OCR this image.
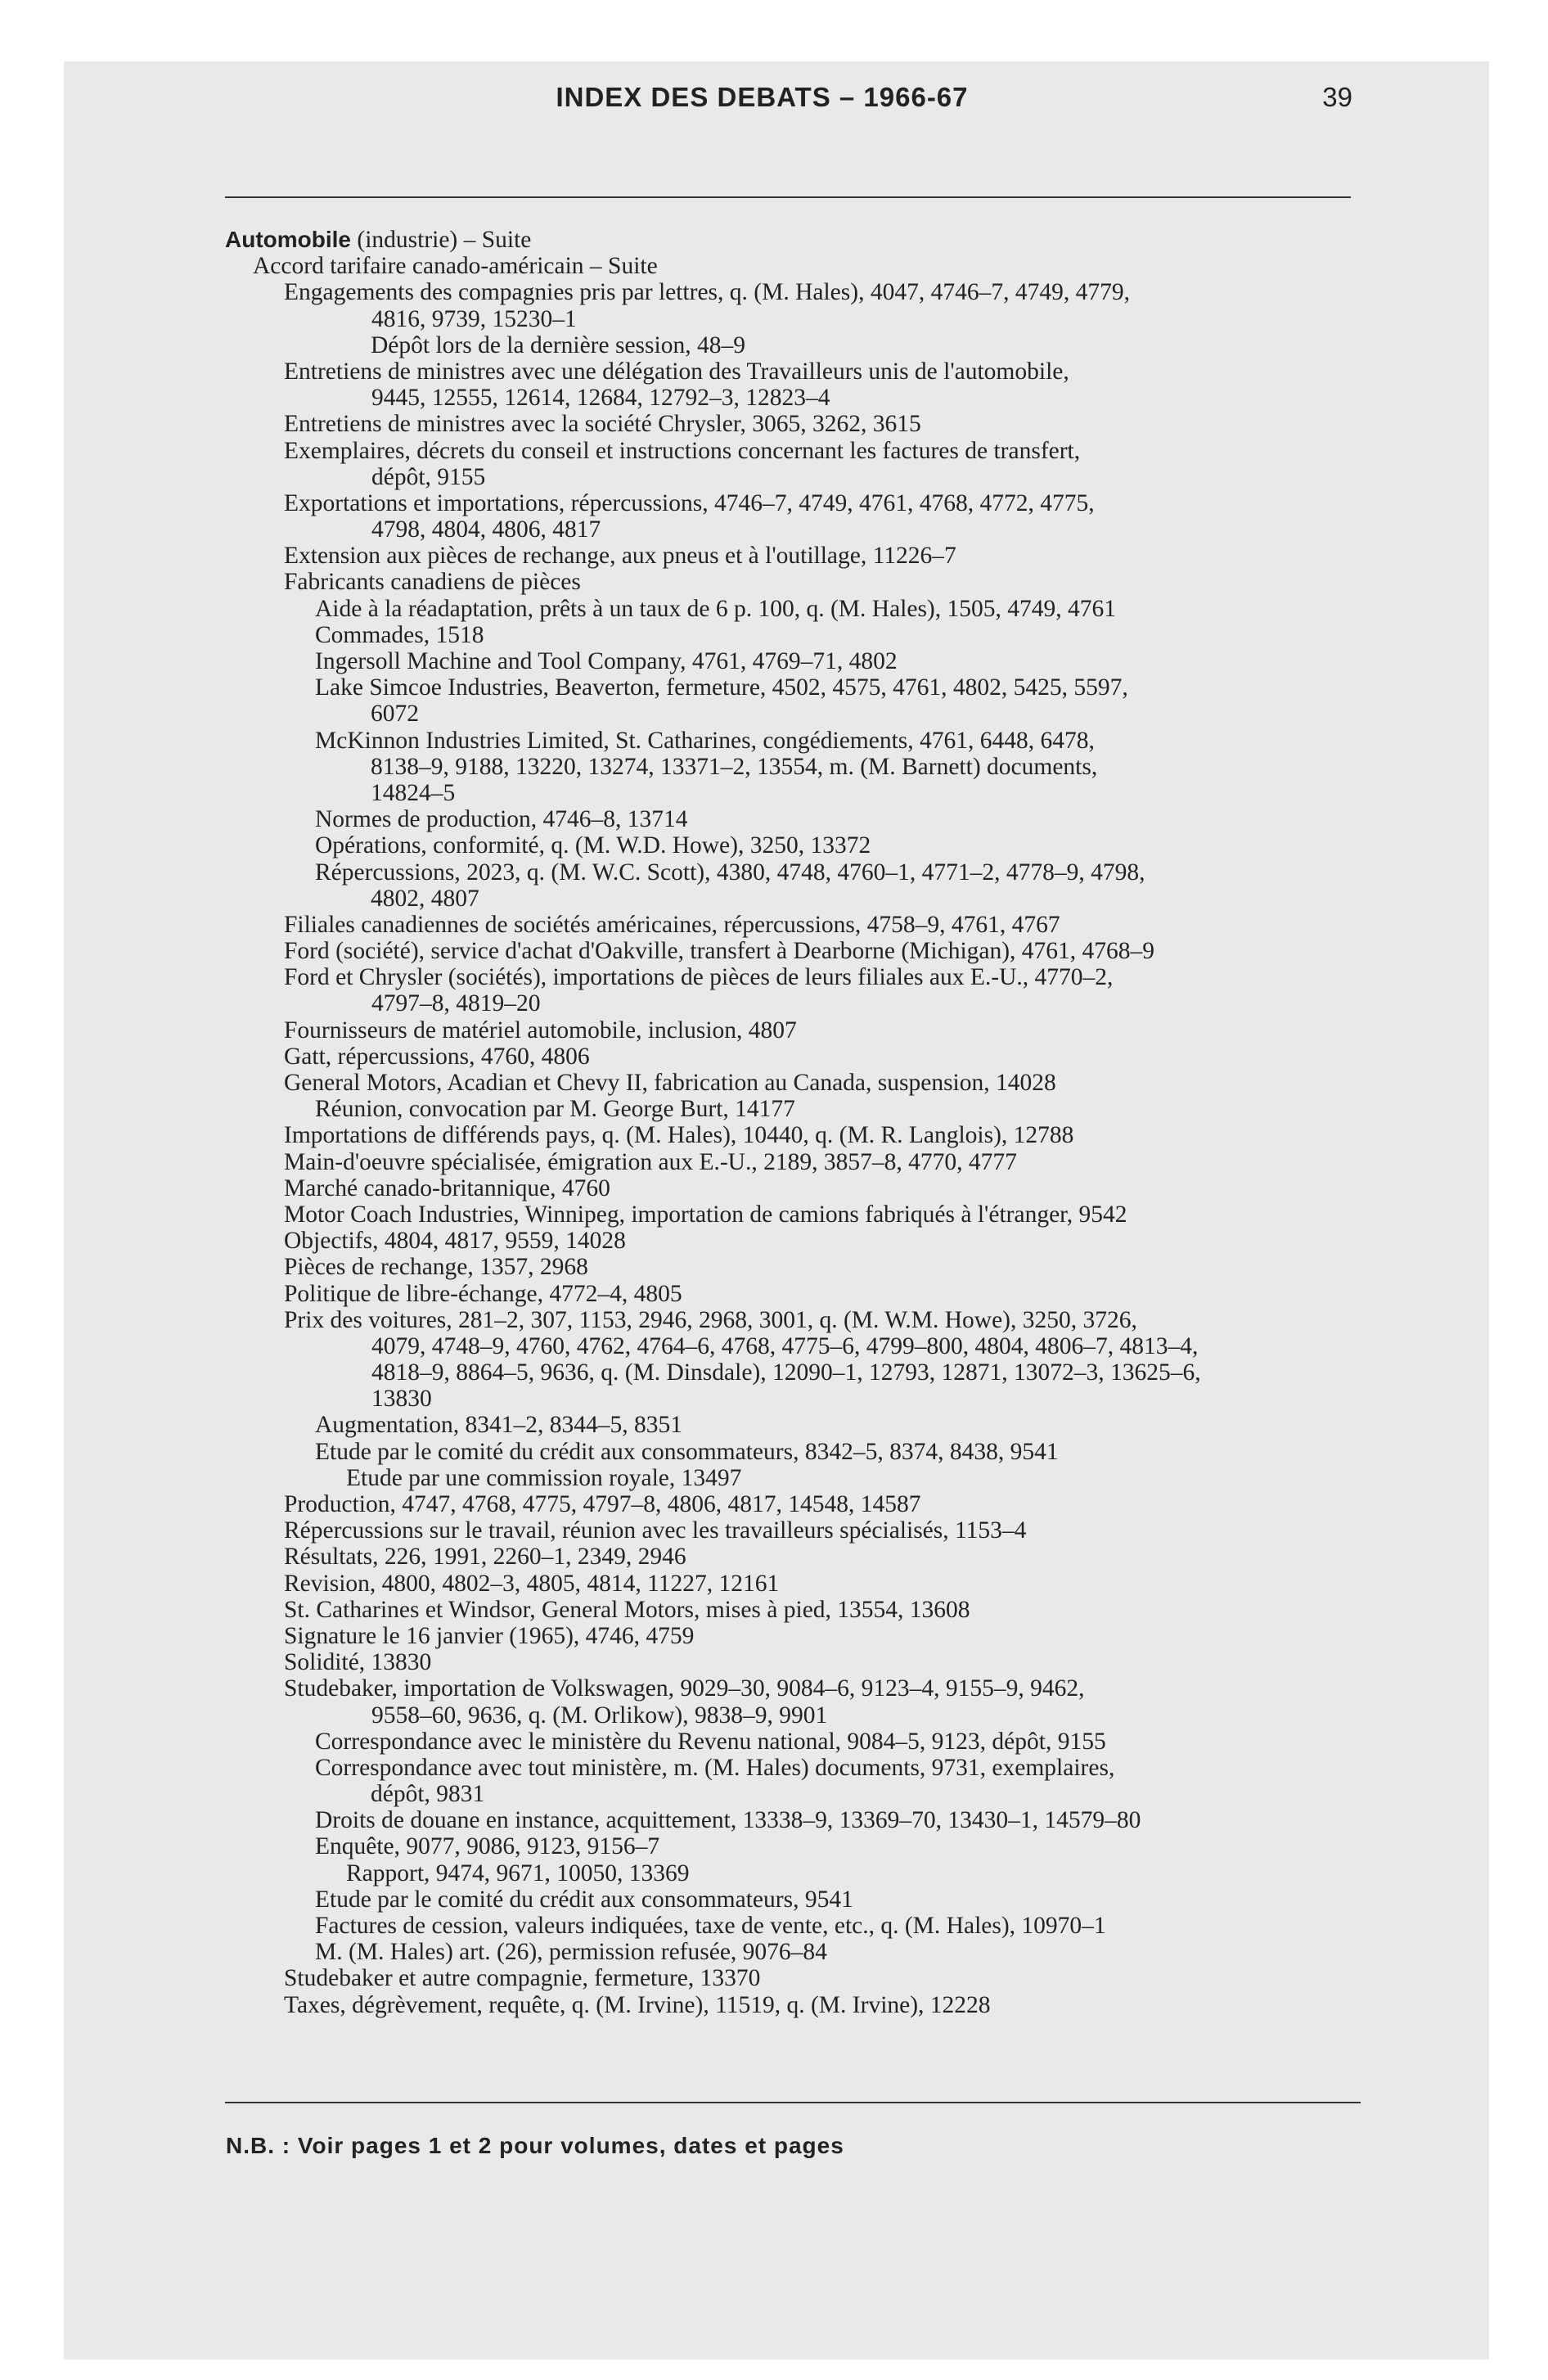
INDEX DES DEBATS – 1966-67	39
Automobile (industrie) – Suite
Accord tarifaire canado-américain – Suite
Engagements des compagnies pris par lettres, q. (M. Hales), 4047, 4746–7, 4749, 4779,
4816, 9739, 15230–1
Dépôt lors de la dernière session, 48–9
Entretiens de ministres avec une délégation des Travailleurs unis de l'automobile,
9445, 12555, 12614, 12684, 12792–3, 12823–4
Entretiens de ministres avec la société Chrysler, 3065, 3262, 3615
Exemplaires, décrets du conseil et instructions concernant les factures de transfert,
dépôt, 9155
Exportations et importations, répercussions, 4746–7, 4749, 4761, 4768, 4772, 4775,
4798, 4804, 4806, 4817
Extension aux pièces de rechange, aux pneus et à l'outillage, 11226–7
Fabricants canadiens de pièces
Aide à la réadaptation, prêts à un taux de 6 p. 100, q. (M. Hales), 1505, 4749, 4761
Commades, 1518
Ingersoll Machine and Tool Company, 4761, 4769–71, 4802
Lake Simcoe Industries, Beaverton, fermeture, 4502, 4575, 4761, 4802, 5425, 5597,
6072
McKinnon Industries Limited, St. Catharines, congédiements, 4761, 6448, 6478,
8138–9, 9188, 13220, 13274, 13371–2, 13554, m. (M. Barnett) documents,
14824–5
Normes de production, 4746–8, 13714
Opérations, conformité, q. (M. W.D. Howe), 3250, 13372
Répercussions, 2023, q. (M. W.C. Scott), 4380, 4748, 4760–1, 4771–2, 4778–9, 4798,
4802, 4807
Filiales canadiennes de sociétés américaines, répercussions, 4758–9, 4761, 4767
Ford (société), service d'achat d'Oakville, transfert à Dearborne (Michigan), 4761, 4768–9
Ford et Chrysler (sociétés), importations de pièces de leurs filiales aux E.-U., 4770–2,
4797–8, 4819–20
Fournisseurs de matériel automobile, inclusion, 4807
Gatt, répercussions, 4760, 4806
General Motors, Acadian et Chevy II, fabrication au Canada, suspension, 14028
Réunion, convocation par M. George Burt, 14177
Importations de différends pays, q. (M. Hales), 10440, q. (M. R. Langlois), 12788
Main-d'oeuvre spécialisée, émigration aux E.-U., 2189, 3857–8, 4770, 4777
Marché canado-britannique, 4760
Motor Coach Industries, Winnipeg, importation de camions fabriqués à l'étranger, 9542
Objectifs, 4804, 4817, 9559, 14028
Pièces de rechange, 1357, 2968
Politique de libre-échange, 4772–4, 4805
Prix des voitures, 281–2, 307, 1153, 2946, 2968, 3001, q. (M. W.M. Howe), 3250, 3726,
4079, 4748–9, 4760, 4762, 4764–6, 4768, 4775–6, 4799–800, 4804, 4806–7, 4813–4,
4818–9, 8864–5, 9636, q. (M. Dinsdale), 12090–1, 12793, 12871, 13072–3, 13625–6,
13830
Augmentation, 8341–2, 8344–5, 8351
Etude par le comité du crédit aux consommateurs, 8342–5, 8374, 8438, 9541
Etude par une commission royale, 13497
Production, 4747, 4768, 4775, 4797–8, 4806, 4817, 14548, 14587
Répercussions sur le travail, réunion avec les travailleurs spécialisés, 1153–4
Résultats, 226, 1991, 2260–1, 2349, 2946
Revision, 4800, 4802–3, 4805, 4814, 11227, 12161
St. Catharines et Windsor, General Motors, mises à pied, 13554, 13608
Signature le 16 janvier (1965), 4746, 4759
Solidité, 13830
Studebaker, importation de Volkswagen, 9029–30, 9084–6, 9123–4, 9155–9, 9462,
9558–60, 9636, q. (M. Orlikow), 9838–9, 9901
Correspondance avec le ministère du Revenu national, 9084–5, 9123, dépôt, 9155
Correspondance avec tout ministère, m. (M. Hales) documents, 9731, exemplaires,
dépôt, 9831
Droits de douane en instance, acquittement, 13338–9, 13369–70, 13430–1, 14579–80
Enquête, 9077, 9086, 9123, 9156–7
Rapport, 9474, 9671, 10050, 13369
Etude par le comité du crédit aux consommateurs, 9541
Factures de cession, valeurs indiquées, taxe de vente, etc., q. (M. Hales), 10970–1
M. (M. Hales) art. (26), permission refusée, 9076–84
Studebaker et autre compagnie, fermeture, 13370
Taxes, dégrèvement, requête, q. (M. Irvine), 11519, q. (M. Irvine), 12228
N.B. : Voir pages 1 et 2 pour volumes, dates et pages
